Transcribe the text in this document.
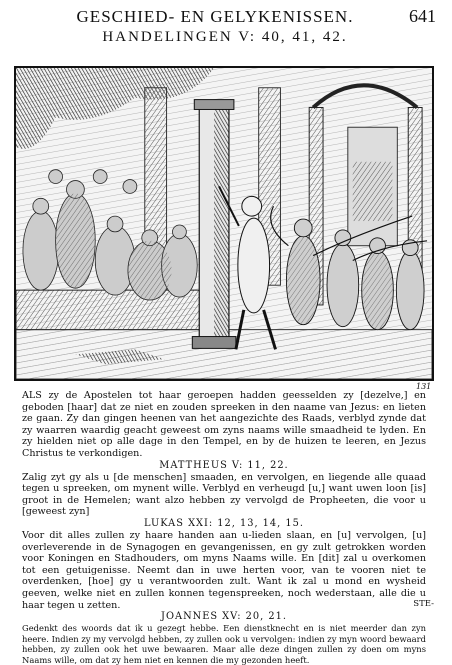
GESCHIED- EN GELYKENISSEN.	641
HANDELINGEN V: 40, 41, 42.
131

ALS zy de Apostelen tot haar geroepen hadden geesselden zy [dezelve,] en geboden [haar] dat ze niet en zouden spreeken in den naame van Jezus: en lieten ze gaan. Zy dan gingen heenen van het aangezichte des Raads, verblyd zynde dat zy waarren waardig geacht geweest om zyns naams wille smaadheid te lyden. En zy hielden niet op alle dage in den Tempel, en by de huizen te leeren, en Jezus Christus te verkondigen.

MATTHEUS V: 11, 22.

Zalig zyt gy als u [de menschen] smaaden, en vervolgen, en liegende alle quaad tegen u spreeken, om mynent wille. Verblyd en verheugd [u,] want uwen loon [is] groot in de Hemelen; want alzo hebben zy vervolgd de Propheeten, die voor u [geweest zyn]

LUKAS XXI: 12, 13, 14, 15.

Voor dit alles zullen zy haare handen aan u-lieden slaan, en [u] vervolgen, [u] overleverende in de Synagogen en gevangenissen, en gy zult getrokken worden voor Koningen en Stadhouders, om myns Naams wille. En [dit] zal u overkomen tot een getuigenisse. Neemt dan in uwe herten voor, van te vooren niet te overdenken, [hoe] gy u verantwoorden zult. Want ik zal u mond en wysheid geeven, welke niet en zullen konnen tegenspreeken, noch wederstaan, alle die u haar tegen u zetten.

JOANNES XV: 20, 21.

Gedenkt des woords dat ik u gezegt hebbe. Een dienstknecht en is niet meerder dan zyn heere. Indien zy my vervolgd hebben, zy zullen ook u vervolgen: indien zy myn woord bewaard hebben, zy zullen ook het uwe bewaaren. Maar alle deze dingen zullen zy doen om myns Naams wille, om dat zy hem niet en kennen die my gezonden heeft.

STE-
